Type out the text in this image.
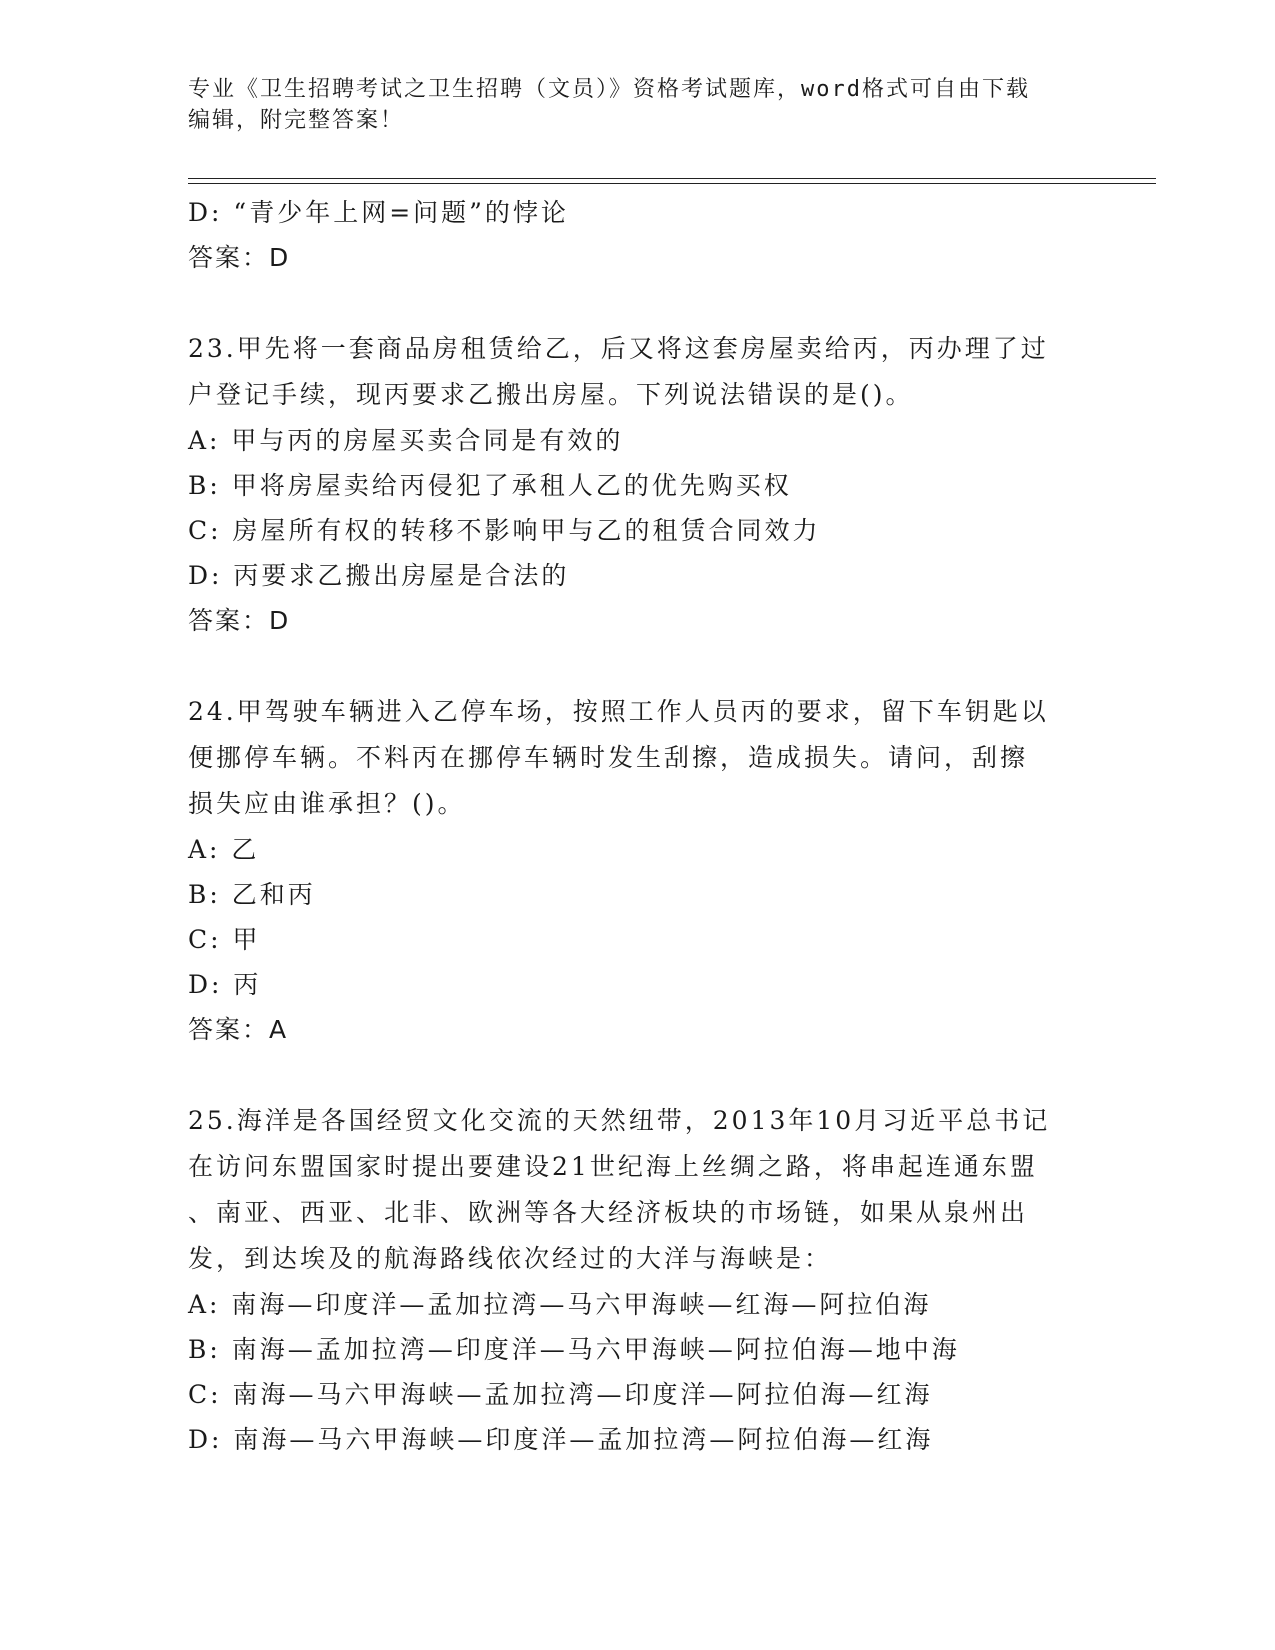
专业《卫生招聘考试之卫生招聘（文员）》资格考试题库，word格式可自由下载
编辑，附完整答案！
D: “青少年上网=问题”的悖论
答案：D
23.甲先将一套商品房租赁给乙，后又将这套房屋卖给丙，丙办理了过
户登记手续，现丙要求乙搬出房屋。下列说法错误的是()。
A: 甲与丙的房屋买卖合同是有效的
B: 甲将房屋卖给丙侵犯了承租人乙的优先购买权
C: 房屋所有权的转移不影响甲与乙的租赁合同效力
D: 丙要求乙搬出房屋是合法的
答案：D
24.甲驾驶车辆进入乙停车场，按照工作人员丙的要求，留下车钥匙以
便挪停车辆。不料丙在挪停车辆时发生刮擦，造成损失。请问，刮擦
损失应由谁承担？()。
A: 乙
B: 乙和丙
C: 甲
D: 丙
答案：A
25.海洋是各国经贸文化交流的天然纽带，2013年10月习近平总书记
在访问东盟国家时提出要建设21世纪海上丝绸之路，将串起连通东盟
、南亚、西亚、北非、欧洲等各大经济板块的市场链，如果从泉州出
发，到达埃及的航海路线依次经过的大洋与海峡是：
A: 南海—印度洋—孟加拉湾—马六甲海峡—红海—阿拉伯海
B: 南海—孟加拉湾—印度洋—马六甲海峡—阿拉伯海—地中海
C: 南海—马六甲海峡—孟加拉湾—印度洋—阿拉伯海—红海
D: 南海—马六甲海峡—印度洋—孟加拉湾—阿拉伯海—红海
